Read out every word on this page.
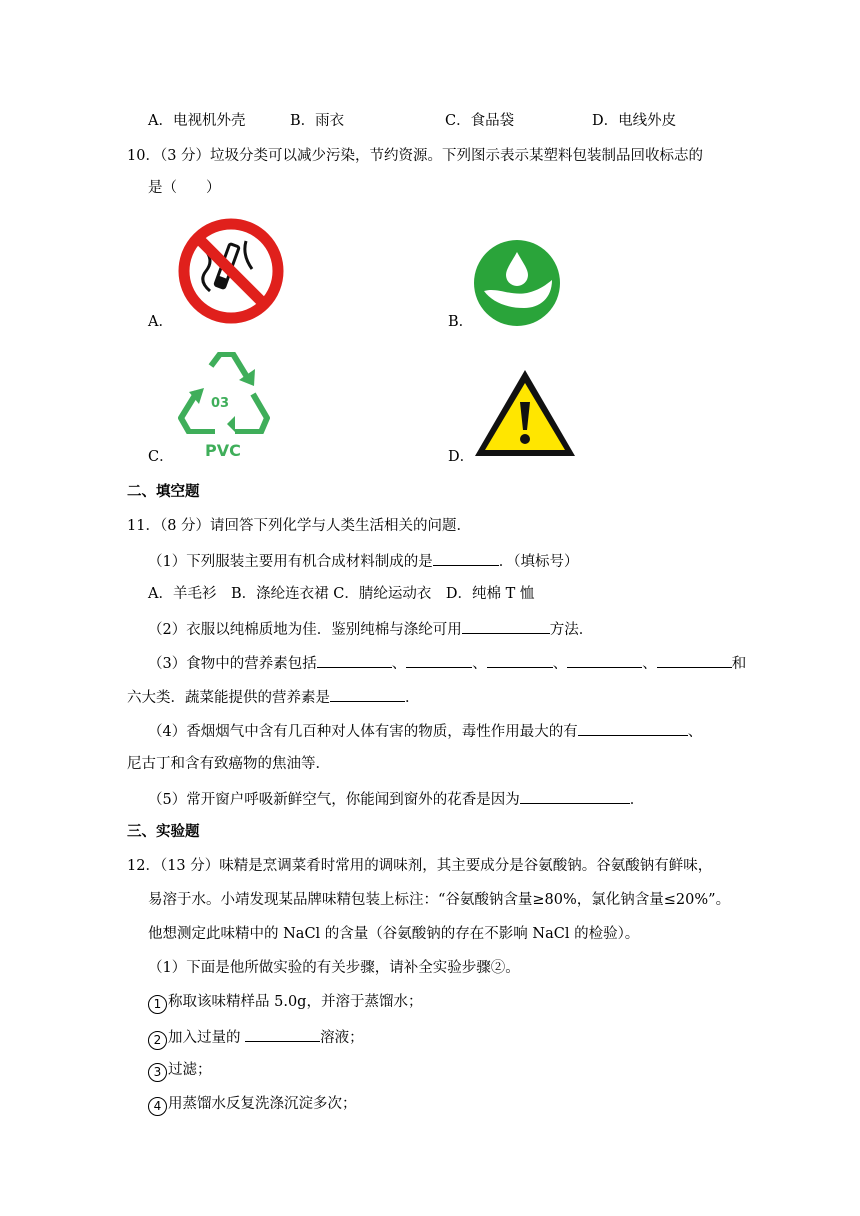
A．电视机外壳	B．雨衣	C．食品袋	D．电线外皮
10．（3 分）垃圾分类可以减少污染，节约资源。下列图示表示某塑料包装制品回收标志的
是（　　）
A．	B．
C．
03
PVC	D．
二、填空题
11．（8 分）请回答下列化学与人类生活相关的问题．
（1）下列服装主要用有机合成材料制成的是	．（填标号）
A．羊毛衫　B．涤纶连衣裙 C．腈纶运动衣　D．纯棉 T 恤
（2）衣服以纯棉质地为佳．鉴别纯棉与涤纶可用	方法．
（3）食物中的营养素包括	、	、	、	、	和
六大类．蔬菜能提供的营养素是	．
（4）香烟烟气中含有几百种对人体有害的物质，毒性作用最大的有	、
尼古丁和含有致癌物的焦油等．
（5）常开窗户呼吸新鲜空气，你能闻到窗外的花香是因为	．
三、实验题
12．（13 分）味精是烹调菜肴时常用的调味剂，其主要成分是谷氨酸钠。谷氨酸钠有鲜味，
易溶于水。小靖发现某品牌味精包装上标注：“谷氨酸钠含量≥80%，氯化钠含量≤20%”。
他想测定此味精中的 NaCl 的含量（谷氨酸钠的存在不影响 NaCl 的检验）。
（1）下面是他所做实验的有关步骤，请补全实验步骤②。
1 称取该味精样品 5.0g，并溶于蒸馏水；
2 加入过量的	溶液；
3 过滤；
4 用蒸馏水反复洗涤沉淀多次；
